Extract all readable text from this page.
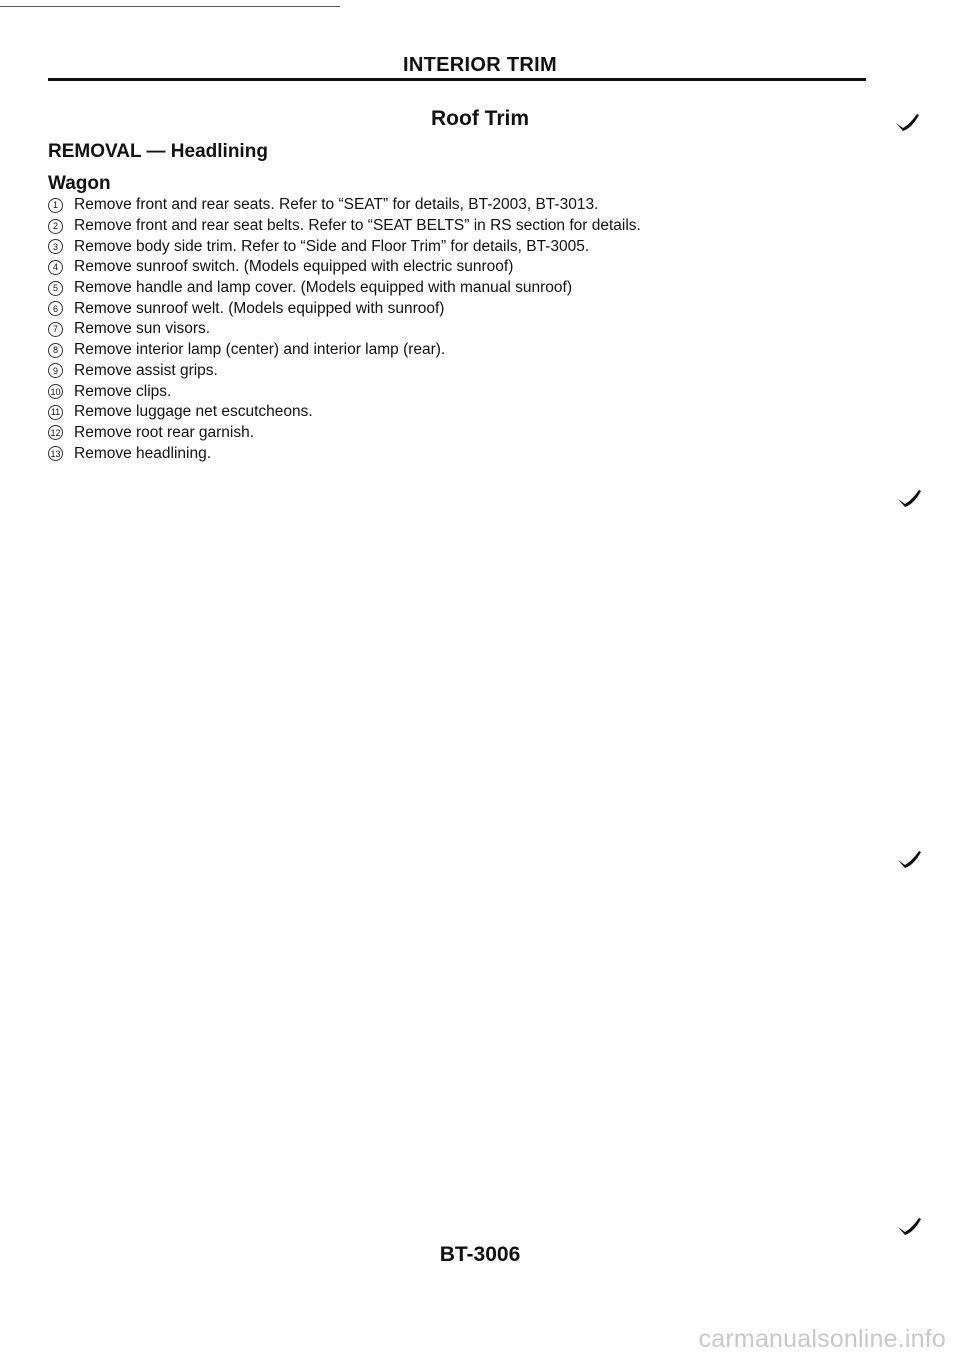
INTERIOR TRIM
Roof Trim
REMOVAL — Headlining
Wagon
1	Remove front and rear seats. Refer to “SEAT” for details, BT-2003, BT-3013.
2	Remove front and rear seat belts. Refer to “SEAT BELTS” in RS section for details.
3	Remove body side trim. Refer to “Side and Floor Trim” for details, BT-3005.
4	Remove sunroof switch. (Models equipped with electric sunroof)
5	Remove handle and lamp cover. (Models equipped with manual sunroof)
6	Remove sunroof welt. (Models equipped with sunroof)
7	Remove sun visors.
8	Remove interior lamp (center) and interior lamp (rear).
9	Remove assist grips.
10 Remove clips.
11 Remove luggage net escutcheons.
12 Remove root rear garnish.
13 Remove headlining.
BT-3006
carmanualsonline.info
